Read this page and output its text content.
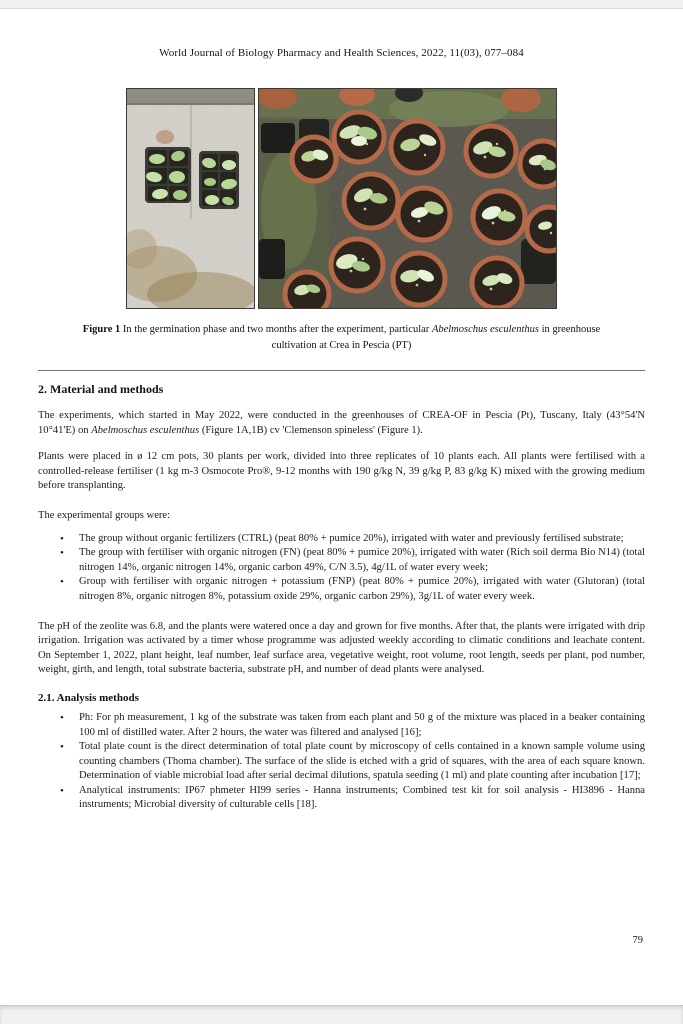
World Journal of Biology Pharmacy and Health Sciences, 2022, 11(03), 077–084
Figure 1 In the germination phase and two months after the experiment, particular Abelmoschus esculenthus in greenhouse cultivation at Crea in Pescia (PT)
2. Material and methods

The experiments, which started in May 2022, were conducted in the greenhouses of CREA-OF in Pescia (Pt), Tuscany, Italy (43°54'N 10°41'E) on Abelmoschus esculenthus (Figure 1A,1B) cv 'Clemenson spineless' (Figure 1).

Plants were placed in ø 12 cm pots, 30 plants per work, divided into three replicates of 10 plants each. All plants were fertilised with a controlled-release fertiliser (1 kg m-3 Osmocote Pro®, 9-12 months with 190 g/kg N, 39 g/kg P, 83 g/kg K) mixed with the growing medium before transplanting.

The experimental groups were:

• The group without organic fertilizers (CTRL) (peat 80% + pumice 20%), irrigated with water and previously fertilised substrate;
• The group with fertiliser with organic nitrogen (FN) (peat 80% + pumice 20%), irrigated with water (Rich soil derma Bio N14) (total nitrogen 14%, organic nitrogen 14%, organic carbon 49%, C/N 3.5), 4g/1L of water every week;
• Group with fertiliser with organic nitrogen + potassium (FNP) (peat 80% + pumice 20%), irrigated with water (Glutoran) (total nitrogen 8%, organic nitrogen 8%, potassium oxide 29%, organic carbon 29%), 3g/1L of water every week.

The pH of the zeolite was 6.8, and the plants were watered once a day and grown for five months. After that, the plants were irrigated with drip irrigation. Irrigation was activated by a timer whose programme was adjusted weekly according to climatic conditions and leachate content. On September 1, 2022, plant height, leaf number, leaf surface area, vegetative weight, root volume, root length, seeds per plant, pod number, weight, girth, and length, total substrate bacteria, substrate pH, and number of dead plants were analysed.

2.1. Analysis methods
• Ph: For ph measurement, 1 kg of the substrate was taken from each plant and 50 g of the mixture was placed in a beaker containing 100 ml of distilled water. After 2 hours, the water was filtered and analysed [16];
• Total plate count is the direct determination of total plate count by microscopy of cells contained in a known sample volume using counting chambers (Thoma chamber). The surface of the slide is etched with a grid of squares, with the area of each square known. Determination of viable microbial load after serial decimal dilutions, spatula seeding (1 ml) and plate counting after incubation [17];
• Analytical instruments: IP67 phmeter HI99 series - Hanna instruments; Combined test kit for soil analysis - HI3896 - Hanna instruments; Microbial diversity of culturable cells [18].
79
